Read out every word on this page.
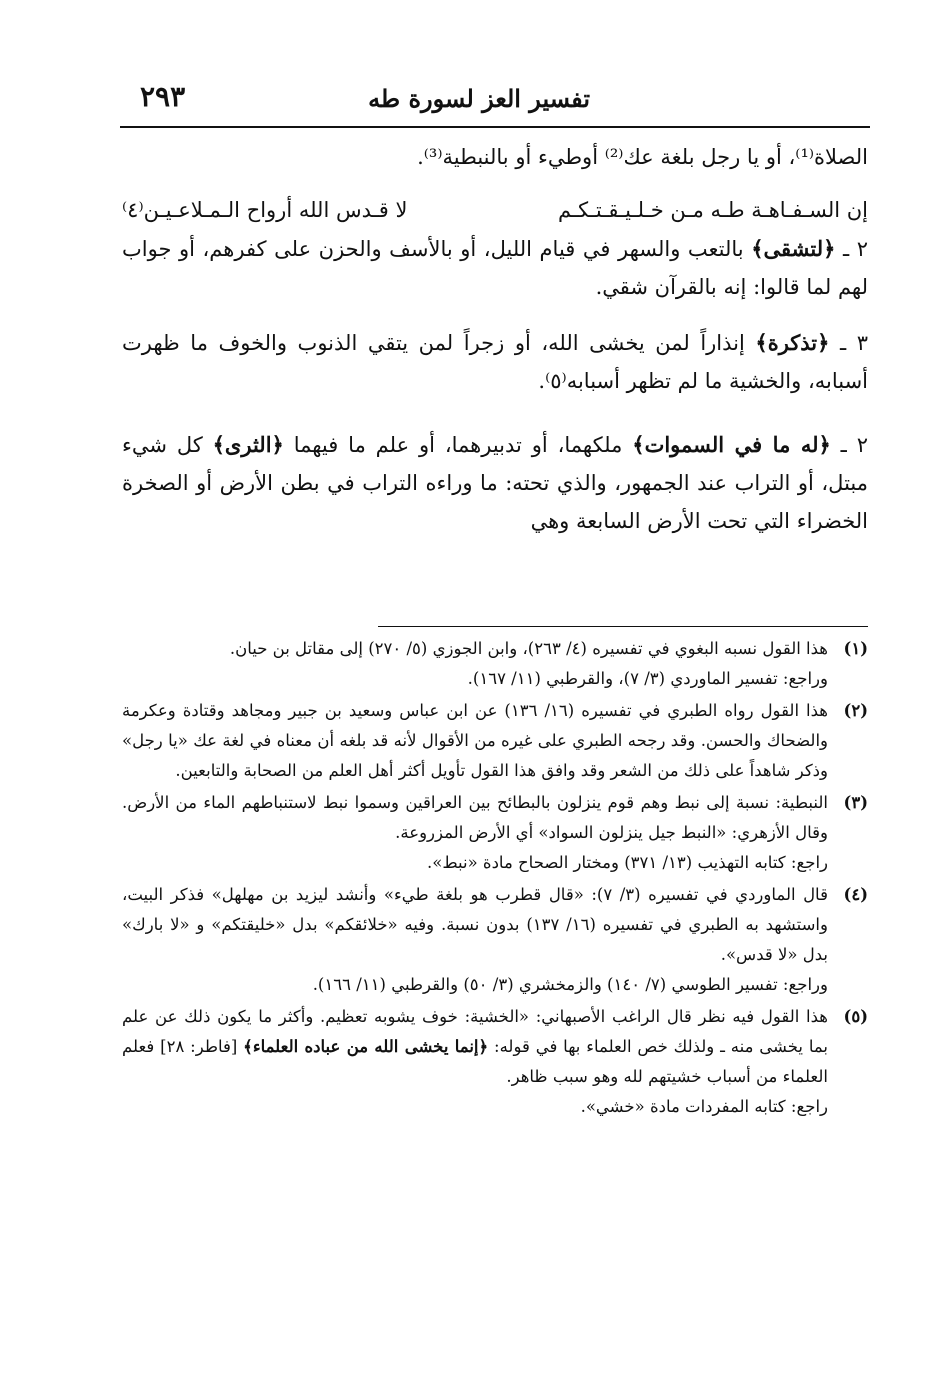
تفسير العز لسورة طه
٢٩٣

الصلاة⁽¹⁾، أو يا رجل بلغة عك⁽²⁾ أوطيء أو بالنبطية⁽³⁾.

إن السـفـاهـة طـه مـن خـلـيـقـتـكـم
لا قـدس الله أرواح الـمـلاعـيـن⁽٤⁾

٢ ـ ﴿لتشقى﴾ بالتعب والسهر في قيام الليل، أو بالأسف والحزن على كفرهم، أو جواب لهم لما قالوا: إنه بالقرآن شقي.

٣ ـ ﴿تذكرة﴾ إنذاراً لمن يخشى الله، أو زجراً لمن يتقي الذنوب والخوف ما ظهرت أسبابه، والخشية ما لم تظهر أسبابه⁽٥⁾.

٢ ـ ﴿له ما في السموات﴾ ملكهما، أو تدبيرهما، أو علم ما فيهما ﴿الثرى﴾ كل شيء مبتل، أو التراب عند الجمهور، والذي تحته: ما وراءه التراب في بطن الأرض أو الصخرة الخضراء التي تحت الأرض السابعة وهي

(١)

هذا القول نسبه البغوي في تفسيره (٤/ ٢٦٣)، وابن الجوزي (٥/ ٢٧٠) إلى مقاتل بن حيان.

وراجع: تفسير الماوردي (٣/ ٧)، والقرطبي (١١/ ١٦٧).

(٢)

هذا القول رواه الطبري في تفسيره (١٦/ ١٣٦) عن ابن عباس وسعيد بن جبير ومجاهد وقتادة وعكرمة والضحاك والحسن. وقد رجحه الطبري على غيره من الأقوال لأنه قد بلغه أن معناه في لغة عك «يا رجل» وذكر شاهداً على ذلك من الشعر وقد وافق هذا القول تأويل أكثر أهل العلم من الصحابة والتابعين.

(٣)

النبطية: نسبة إلى نبط وهم قوم ينزلون بالبطائح بين العراقين وسموا نبط لاستنباطهم الماء من الأرض. وقال الأزهري: «النبط جيل ينزلون السواد» أي الأرض المزروعة.

راجع: كتابه التهذيب (١٣/ ٣٧١) ومختار الصحاح مادة «نبط».

(٤)

قال الماوردي في تفسيره (٣/ ٧): «قال قطرب هو بلغة طيء» وأنشد ليزيد بن مهلهل» فذكر البيت، واستشهد به الطبري في تفسيره (١٦/ ١٣٧) بدون نسبة. وفيه «خلائقكم» بدل «خليقتكم» و «لا بارك» بدل «لا قدس».

وراجع: تفسير الطوسي (٧/ ١٤٠) والزمخشري (٣/ ٥٠) والقرطبي (١١/ ١٦٦).

(٥)

هذا القول فيه نظر قال الراغب الأصبهاني: «الخشية: خوف يشوبه تعظيم. وأكثر ما يكون ذلك عن علم بما يخشى منه ـ ولذلك خص العلماء بها في قوله: ﴿إنما يخشى الله من عباده العلماء﴾ [فاطر: ٢٨] فعلم العلماء من أسباب خشيتهم لله وهو سبب ظاهر.

راجع: كتابه المفردات مادة «خشي».
